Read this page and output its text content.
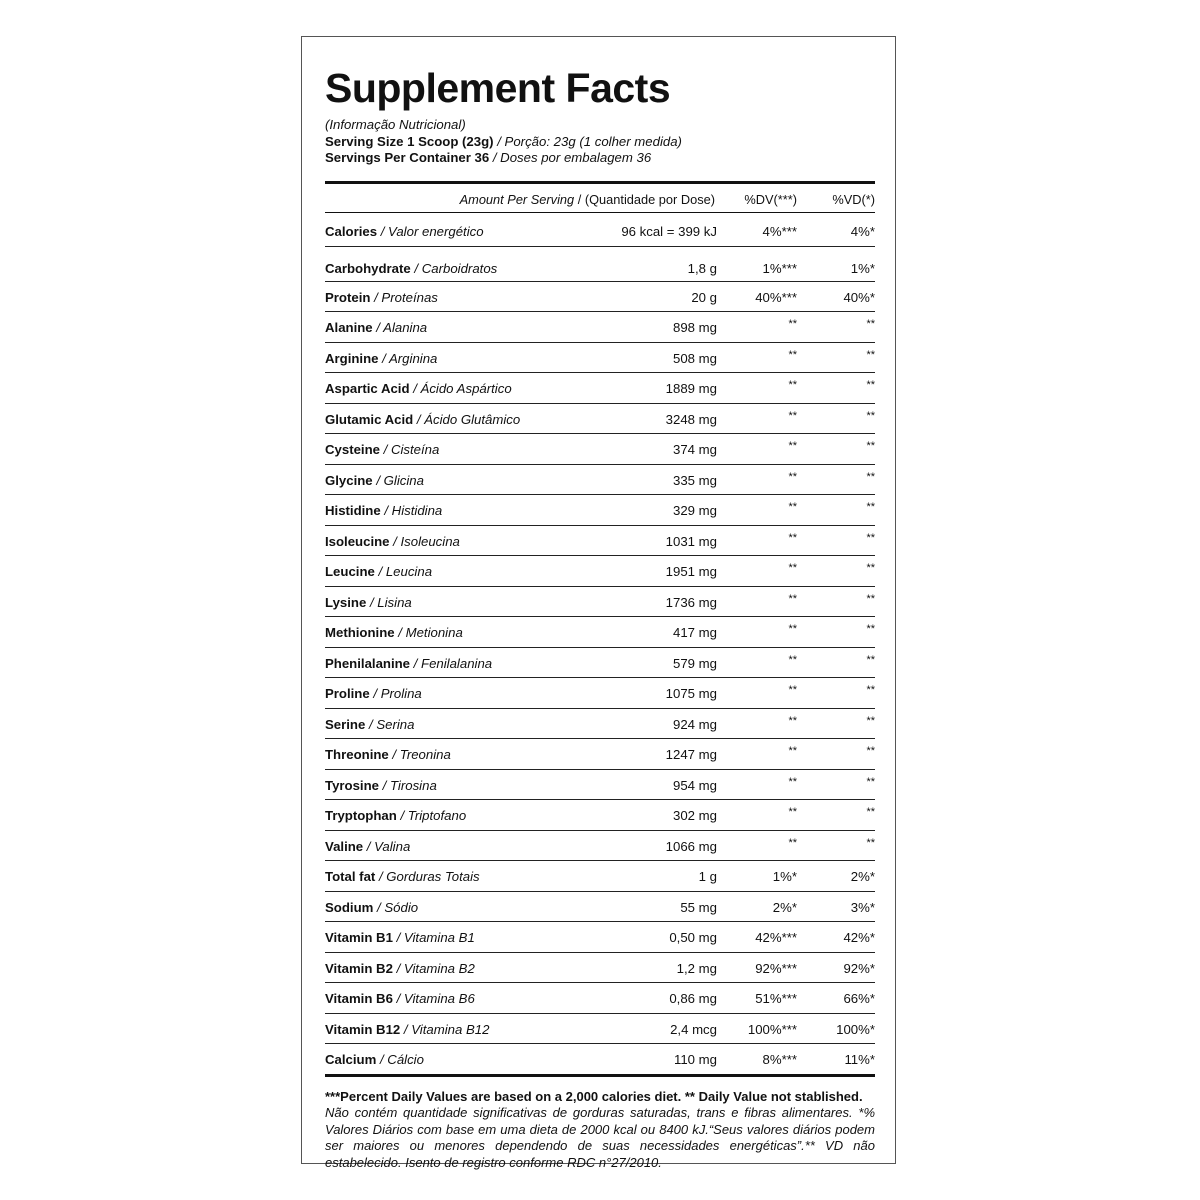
Supplement Facts
(Informação Nutricional)
Serving Size 1 Scoop (23g) / Porção: 23g (1 colher medida)
Servings Per Container 36 / Doses por embalagem 36
Amount Per Serving / (Quantidade por Dose) %DV(***)	%VD(*)
Calories / Valor energético	96 kcal = 399 kJ	4%***	4%*
Carbohydrate / Carboidratos	1,8 g	1%***	1%*
Protein / Proteínas	20 g	40%***	40%*
Alanine / Alanina	898 mg	**	**
Arginine / Arginina	508 mg	**	**
Aspartic Acid / Ácido Aspártico	1889 mg	**	**
Glutamic Acid / Ácido Glutâmico	3248 mg	**	**
Cysteine / Cisteína	374 mg	**	**
Glycine / Glicina	335 mg	**	**
Histidine / Histidina	329 mg	**	**
Isoleucine / Isoleucina	1031 mg	**	**
Leucine / Leucina	1951 mg	**	**
Lysine / Lisina	1736 mg	**	**
Methionine / Metionina	417 mg	**	**
Phenilalanine / Fenilalanina	579 mg	**	**
Proline / Prolina	1075 mg	**	**
Serine / Serina	924 mg	**	**
Threonine / Treonina	1247 mg	**	**
Tyrosine / Tirosina	954 mg	**	**
Tryptophan / Triptofano	302 mg	**	**
Valine / Valina	1066 mg	**	**
Total fat / Gorduras Totais	1 g	1%*	2%*
Sodium / Sódio	55 mg	2%*	3%*
Vitamin B1 / Vitamina B1	0,50 mg	42%***	42%*
Vitamin B2 / Vitamina B2	1,2 mg	92%***	92%*
Vitamin B6 / Vitamina B6	0,86 mg	51%***	66%*
Vitamin B12 / Vitamina B12	2,4 mcg 100%***	100%*
Calcium / Cálcio	110 mg	8%***	11%*
***Percent Daily Values are based on a 2,000 calories diet. ** Daily Value not stablished.
Não contém quantidade significativas de gorduras saturadas, trans e fibras alimentares. *% Valores Diários com base em uma dieta de 2000 kcal ou 8400 kJ.“Seus valores diários podem ser maiores ou menores dependendo de suas necessidades energéticas”.** VD não estabelecido. Isento de registro conforme RDC n°27/2010.
